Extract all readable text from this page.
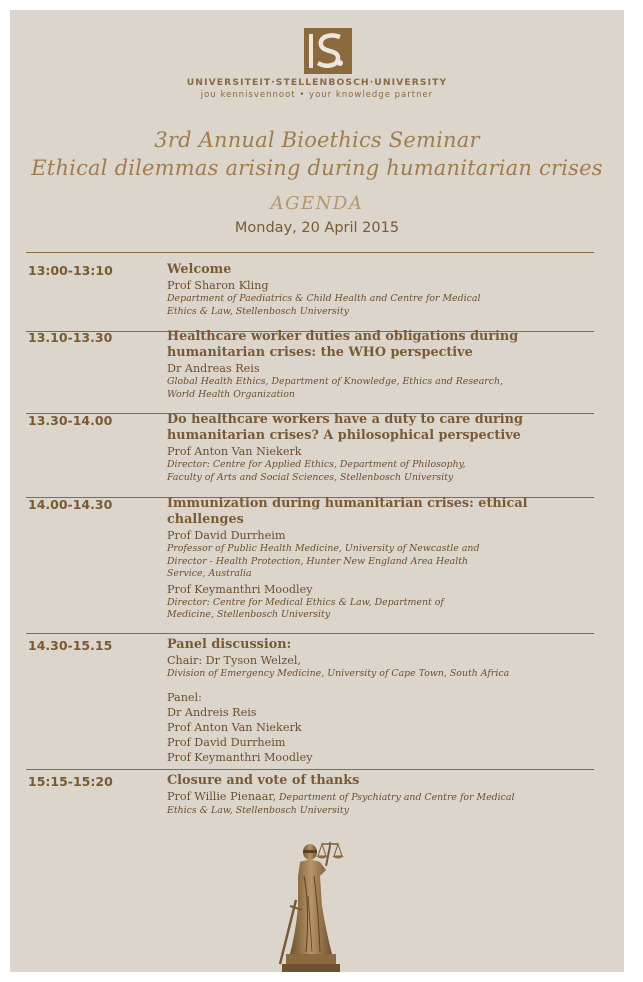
UNIVERSITEIT·STELLENBOSCH·UNIVERSITY
jou kennisvennoot • your knowledge partner
3rd Annual Bioethics Seminar
Ethical dilemmas arising during humanitarian crises
AGENDA
Monday, 20 April 2015
13:00-13:10	Welcome
Prof Sharon Kling
Department of Paediatrics & Child Health and Centre for Medical
Ethics & Law, Stellenbosch University
13.10-13.30	Healthcare worker duties and obligations during
humanitarian crises: the WHO perspective
Dr Andreas Reis
Global Health Ethics, Department of Knowledge, Ethics and Research,
World Health Organization
13.30-14.00	Do healthcare workers have a duty to care during
humanitarian crises? A philosophical perspective
Prof Anton Van Niekerk
Director: Centre for Applied Ethics, Department of Philosophy,
Faculty of Arts and Social Sciences, Stellenbosch University
14.00-14.30	Immunization during humanitarian crises: ethical
challenges
Prof David Durrheim
Professor of Public Health Medicine, University of Newcastle and
Director - Health Protection, Hunter New England Area Health
Service, Australia
Prof Keymanthri Moodley
Director: Centre for Medical Ethics & Law, Department of
Medicine, Stellenbosch University
14.30-15.15	Panel discussion:
Chair: Dr Tyson Welzel,
Division of Emergency Medicine, University of Cape Town, South Africa
Panel:
Dr Andreis Reis
Prof Anton Van Niekerk
Prof David Durrheim
Prof Keymanthri Moodley
15:15-15:20	Closure and vote of thanks
Prof Willie Pienaar, Department of Psychiatry and Centre for Medical
Ethics & Law, Stellenbosch University
